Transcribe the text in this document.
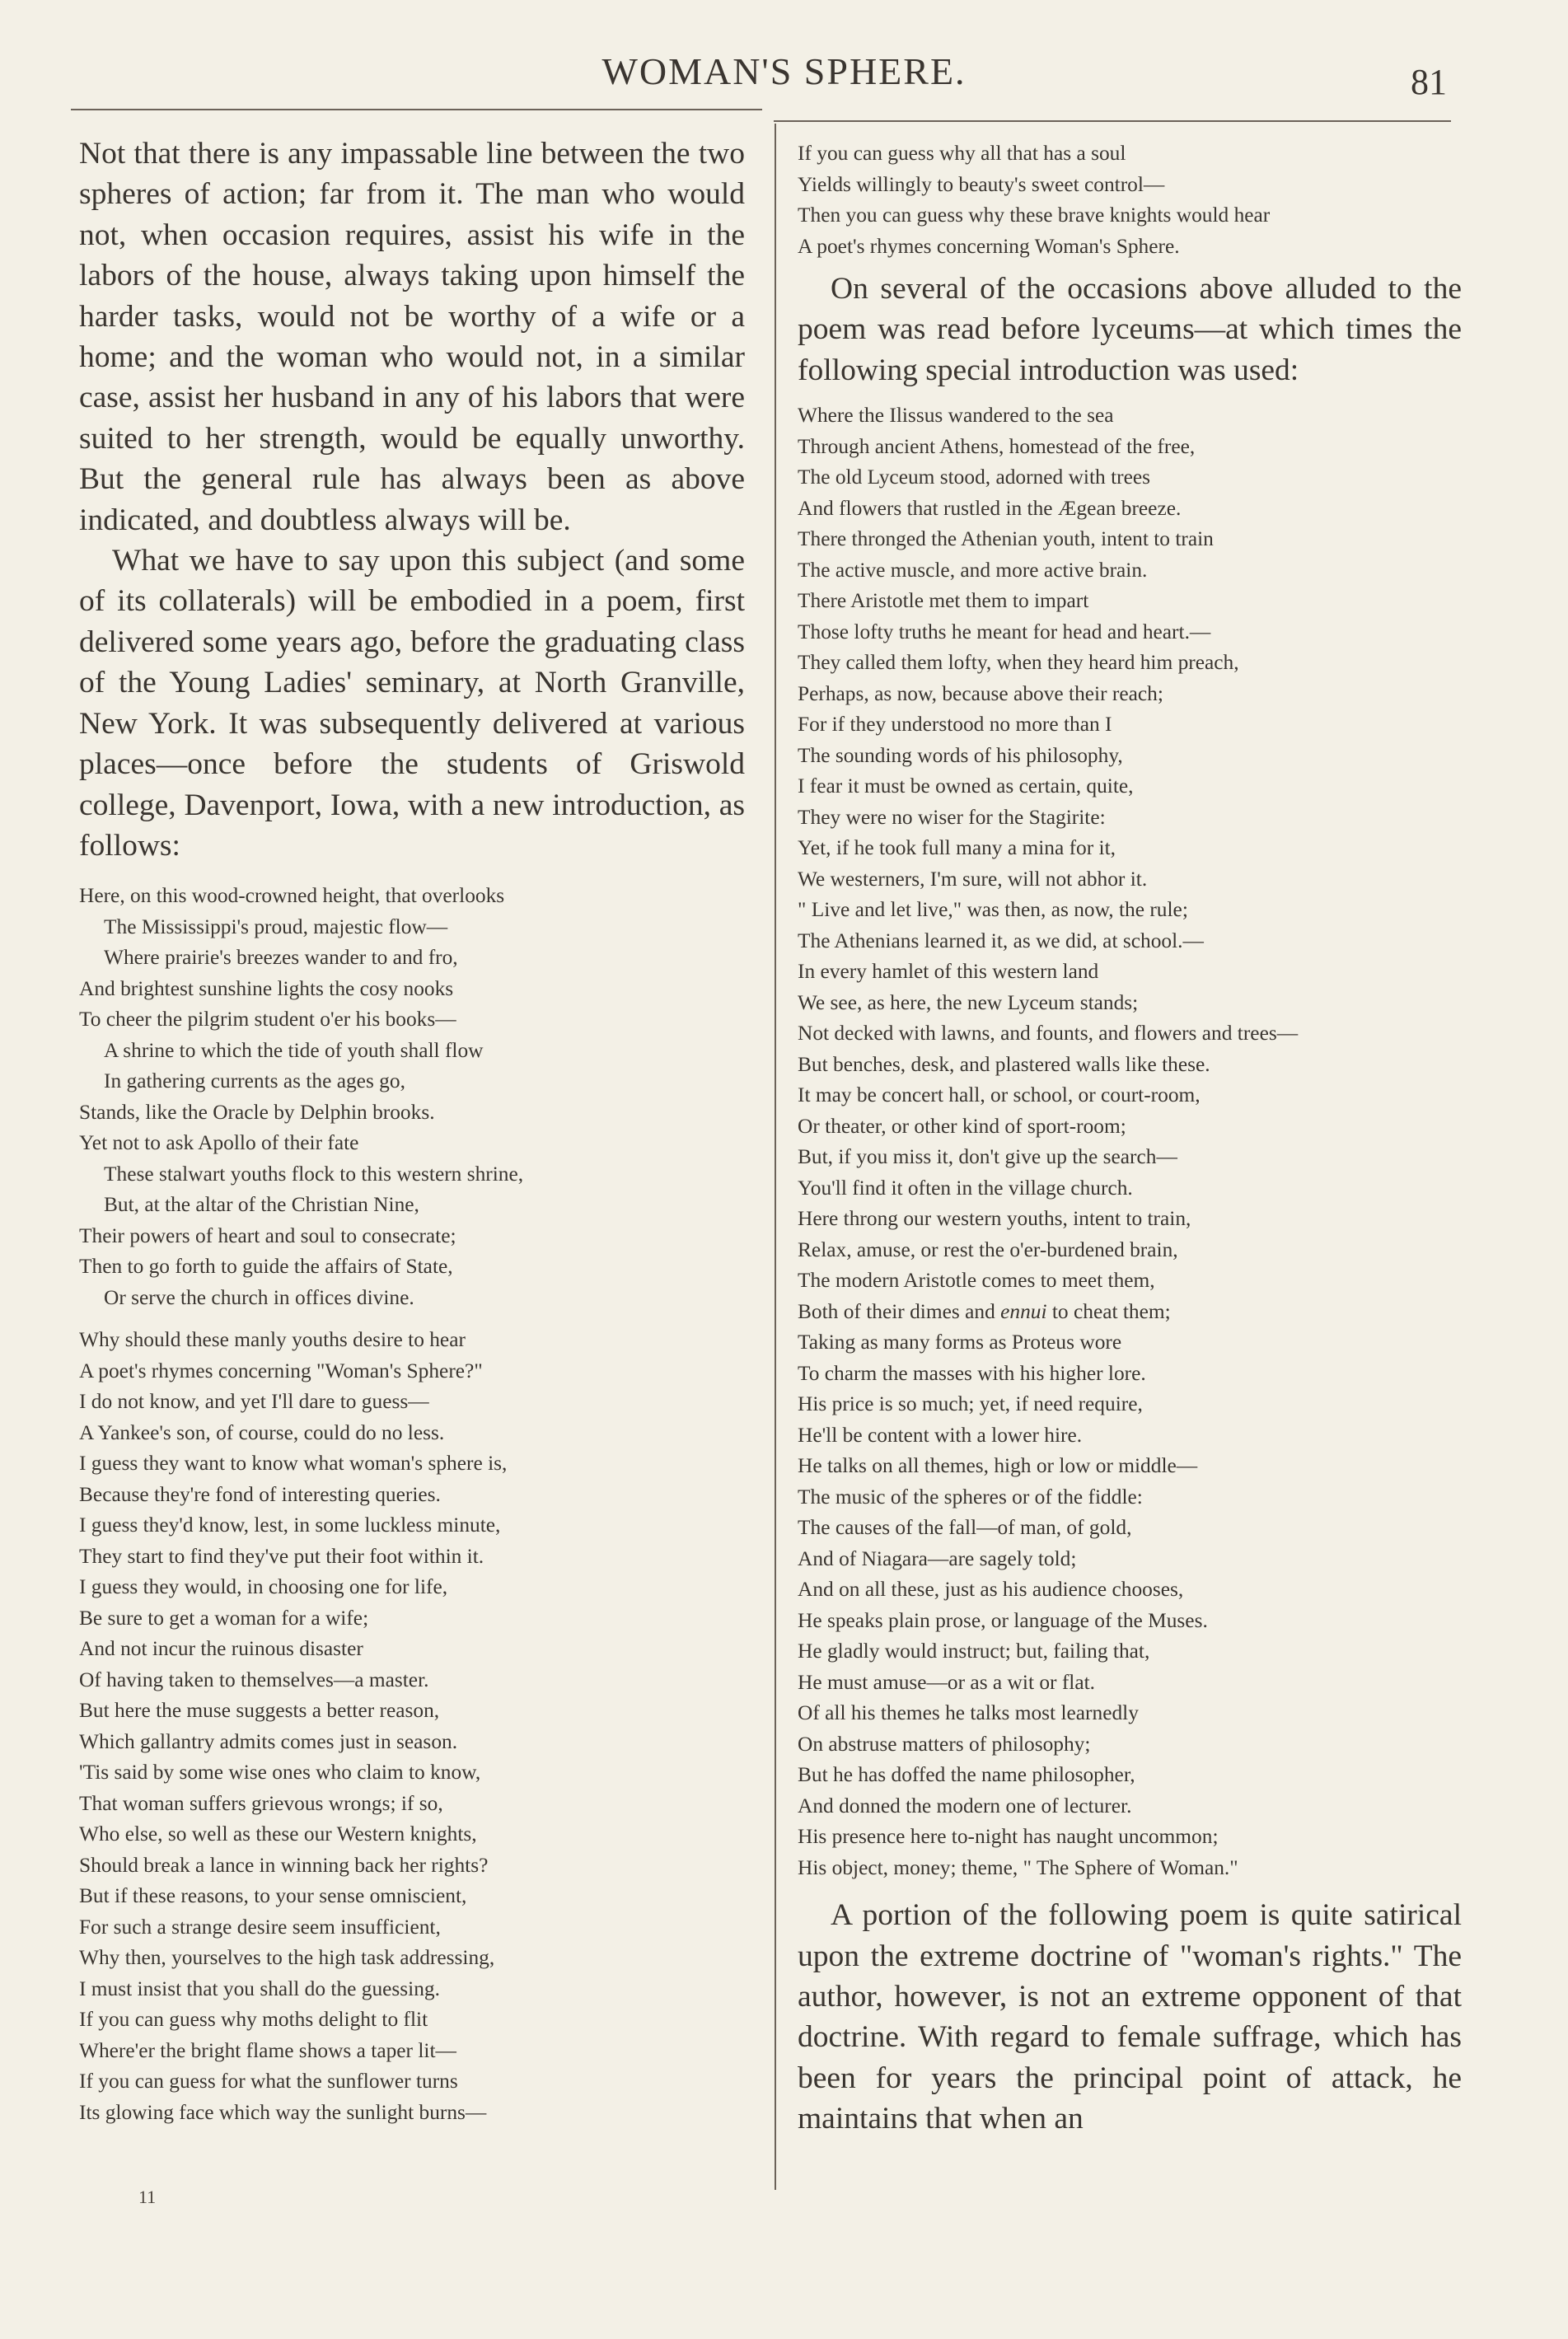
WOMAN'S SPHERE.	81

Not that there is any impassable line between the two spheres of action; far from it. The man who would not, when occasion requires, assist his wife in the labors of the house, always taking upon himself the harder tasks, would not be worthy of a wife or a home; and the woman who would not, in a similar case, assist her husband in any of his labors that were suited to her strength, would be equally unworthy. But the general rule has always been as above indicated, and doubtless always will be.

What we have to say upon this subject (and some of its collaterals) will be embodied in a poem, first delivered some years ago, before the graduating class of the Young Ladies' seminary, at North Granville, New York. It was subsequently delivered at various places—once before the students of Griswold college, Davenport, Iowa, with a new introduction, as follows:

Here, on this wood-crowned height, that overlooks
The Mississippi's proud, majestic flow—
Where prairie's breezes wander to and fro,
And brightest sunshine lights the cosy nooks
To cheer the pilgrim student o'er his books—
A shrine to which the tide of youth shall flow
In gathering currents as the ages go,
Stands, like the Oracle by Delphin brooks.
Yet not to ask Apollo of their fate
These stalwart youths flock to this western shrine,
But, at the altar of the Christian Nine,
Their powers of heart and soul to consecrate;
Then to go forth to guide the affairs of State,
Or serve the church in offices divine.
Why should these manly youths desire to hear
A poet's rhymes concerning "Woman's Sphere?"
I do not know, and yet I'll dare to guess—
A Yankee's son, of course, could do no less.
I guess they want to know what woman's sphere is,
Because they're fond of interesting queries.
I guess they'd know, lest, in some luckless minute,
They start to find they've put their foot within it.
I guess they would, in choosing one for life,
Be sure to get a woman for a wife;
And not incur the ruinous disaster
Of having taken to themselves—a master.
But here the muse suggests a better reason,
Which gallantry admits comes just in season.
'Tis said by some wise ones who claim to know,
That woman suffers grievous wrongs; if so,
Who else, so well as these our Western knights,
Should break a lance in winning back her rights?
But if these reasons, to your sense omniscient,
For such a strange desire seem insufficient,
Why then, yourselves to the high task addressing,
I must insist that you shall do the guessing.
If you can guess why moths delight to flit
Where'er the bright flame shows a taper lit—
If you can guess for what the sunflower turns
Its glowing face which way the sunlight burns—
11
If you can guess why all that has a soul
Yields willingly to beauty's sweet control—
Then you can guess why these brave knights would hear
A poet's rhymes concerning Woman's Sphere.

On several of the occasions above alluded to the poem was read before lyceums—at which times the following special introduction was used:

Where the Ilissus wandered to the sea
Through ancient Athens, homestead of the free,
The old Lyceum stood, adorned with trees
And flowers that rustled in the Ægean breeze.
There thronged the Athenian youth, intent to train
The active muscle, and more active brain.
There Aristotle met them to impart
Those lofty truths he meant for head and heart.—
They called them lofty, when they heard him preach,
Perhaps, as now, because above their reach;
For if they understood no more than I
The sounding words of his philosophy,
I fear it must be owned as certain, quite,
They were no wiser for the Stagirite:
Yet, if he took full many a mina for it,
We westerners, I'm sure, will not abhor it.
" Live and let live," was then, as now, the rule;
The Athenians learned it, as we did, at school.—
In every hamlet of this western land
We see, as here, the new Lyceum stands;
Not decked with lawns, and founts, and flowers and trees—
But benches, desk, and plastered walls like these.
It may be concert hall, or school, or court-room,
Or theater, or other kind of sport-room;
But, if you miss it, don't give up the search—
You'll find it often in the village church.
Here throng our western youths, intent to train,
Relax, amuse, or rest the o'er-burdened brain,
The modern Aristotle comes to meet them,
Both of their dimes and ennui to cheat them;
Taking as many forms as Proteus wore
To charm the masses with his higher lore.
His price is so much; yet, if need require,
He'll be content with a lower hire.
He talks on all themes, high or low or middle—
The music of the spheres or of the fiddle:
The causes of the fall—of man, of gold,
And of Niagara—are sagely told;
And on all these, just as his audience chooses,
He speaks plain prose, or language of the Muses.
He gladly would instruct; but, failing that,
He must amuse—or as a wit or flat.
Of all his themes he talks most learnedly
On abstruse matters of philosophy;
But he has doffed the name philosopher,
And donned the modern one of lecturer.
His presence here to-night has naught uncommon;
His object, money; theme, " The Sphere of Woman."

A portion of the following poem is quite satirical upon the extreme doctrine of "woman's rights." The author, however, is not an extreme opponent of that doctrine. With regard to female suffrage, which has been for years the principal point of attack, he maintains that when an
